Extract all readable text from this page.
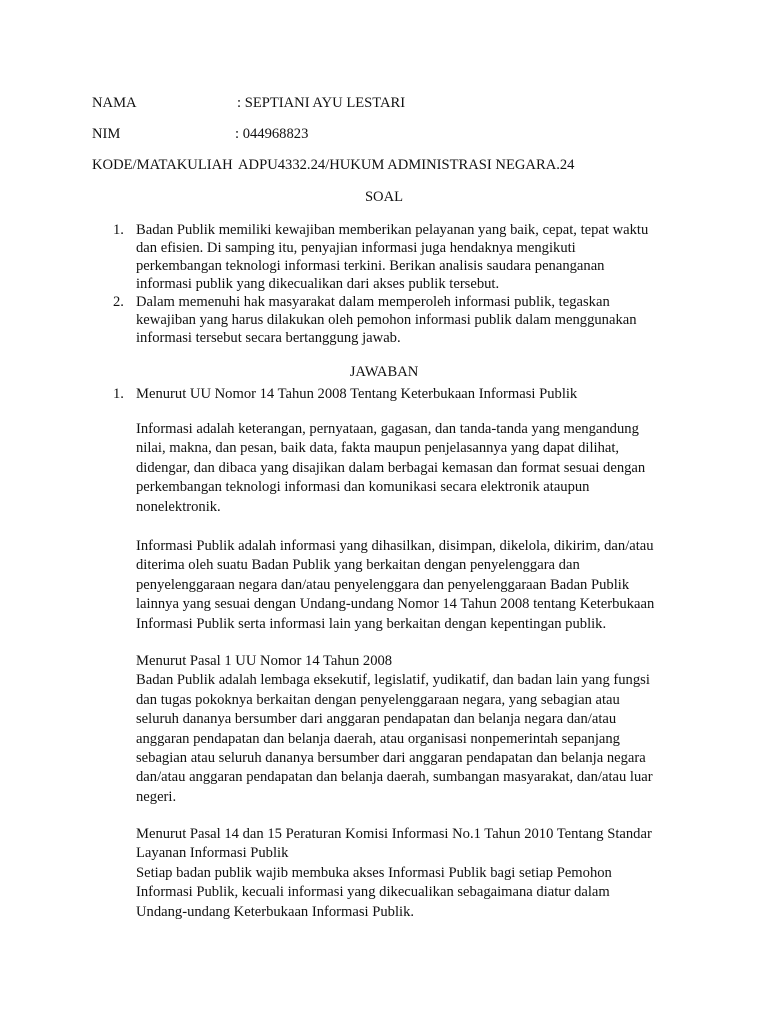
NAMA	: SEPTIANI AYU LESTARI
NIM	: 044968823
KODE/MATAKULIAH ADPU4332.24/HUKUM ADMINISTRASI NEGARA.24
SOAL
1. Badan Publik memiliki kewajiban memberikan pelayanan yang baik, cepat, tepat waktu
dan efisien. Di samping itu, penyajian informasi juga hendaknya mengikuti
perkembangan teknologi informasi terkini. Berikan analisis saudara penanganan
informasi publik yang dikecualikan dari akses publik tersebut.
2. Dalam memenuhi hak masyarakat dalam memperoleh informasi publik, tegaskan
kewajiban yang harus dilakukan oleh pemohon informasi publik dalam menggunakan
informasi tersebut secara bertanggung jawab.
JAWABAN
1. Menurut UU Nomor 14 Tahun 2008 Tentang Keterbukaan Informasi Publik
Informasi adalah keterangan, pernyataan, gagasan, dan tanda-tanda yang mengandung
nilai, makna, dan pesan, baik data, fakta maupun penjelasannya yang dapat dilihat,
didengar, dan dibaca yang disajikan dalam berbagai kemasan dan format sesuai dengan
perkembangan teknologi informasi dan komunikasi secara elektronik ataupun
nonelektronik.
Informasi Publik adalah informasi yang dihasilkan, disimpan, dikelola, dikirim, dan/atau
diterima oleh suatu Badan Publik yang berkaitan dengan penyelenggara dan
penyelenggaraan negara dan/atau penyelenggara dan penyelenggaraan Badan Publik
lainnya yang sesuai dengan Undang-undang Nomor 14 Tahun 2008 tentang Keterbukaan
Informasi Publik serta informasi lain yang berkaitan dengan kepentingan publik.
Menurut Pasal 1 UU Nomor 14 Tahun 2008
Badan Publik adalah lembaga eksekutif, legislatif, yudikatif, dan badan lain yang fungsi
dan tugas pokoknya berkaitan dengan penyelenggaraan negara, yang sebagian atau
seluruh dananya bersumber dari anggaran pendapatan dan belanja negara dan/atau
anggaran pendapatan dan belanja daerah, atau organisasi nonpemerintah sepanjang
sebagian atau seluruh dananya bersumber dari anggaran pendapatan dan belanja negara
dan/atau anggaran pendapatan dan belanja daerah, sumbangan masyarakat, dan/atau luar
negeri.
Menurut Pasal 14 dan 15 Peraturan Komisi Informasi No.1 Tahun 2010 Tentang Standar
Layanan Informasi Publik
Setiap badan publik wajib membuka akses Informasi Publik bagi setiap Pemohon
Informasi Publik, kecuali informasi yang dikecualikan sebagaimana diatur dalam
Undang-undang Keterbukaan Informasi Publik.
